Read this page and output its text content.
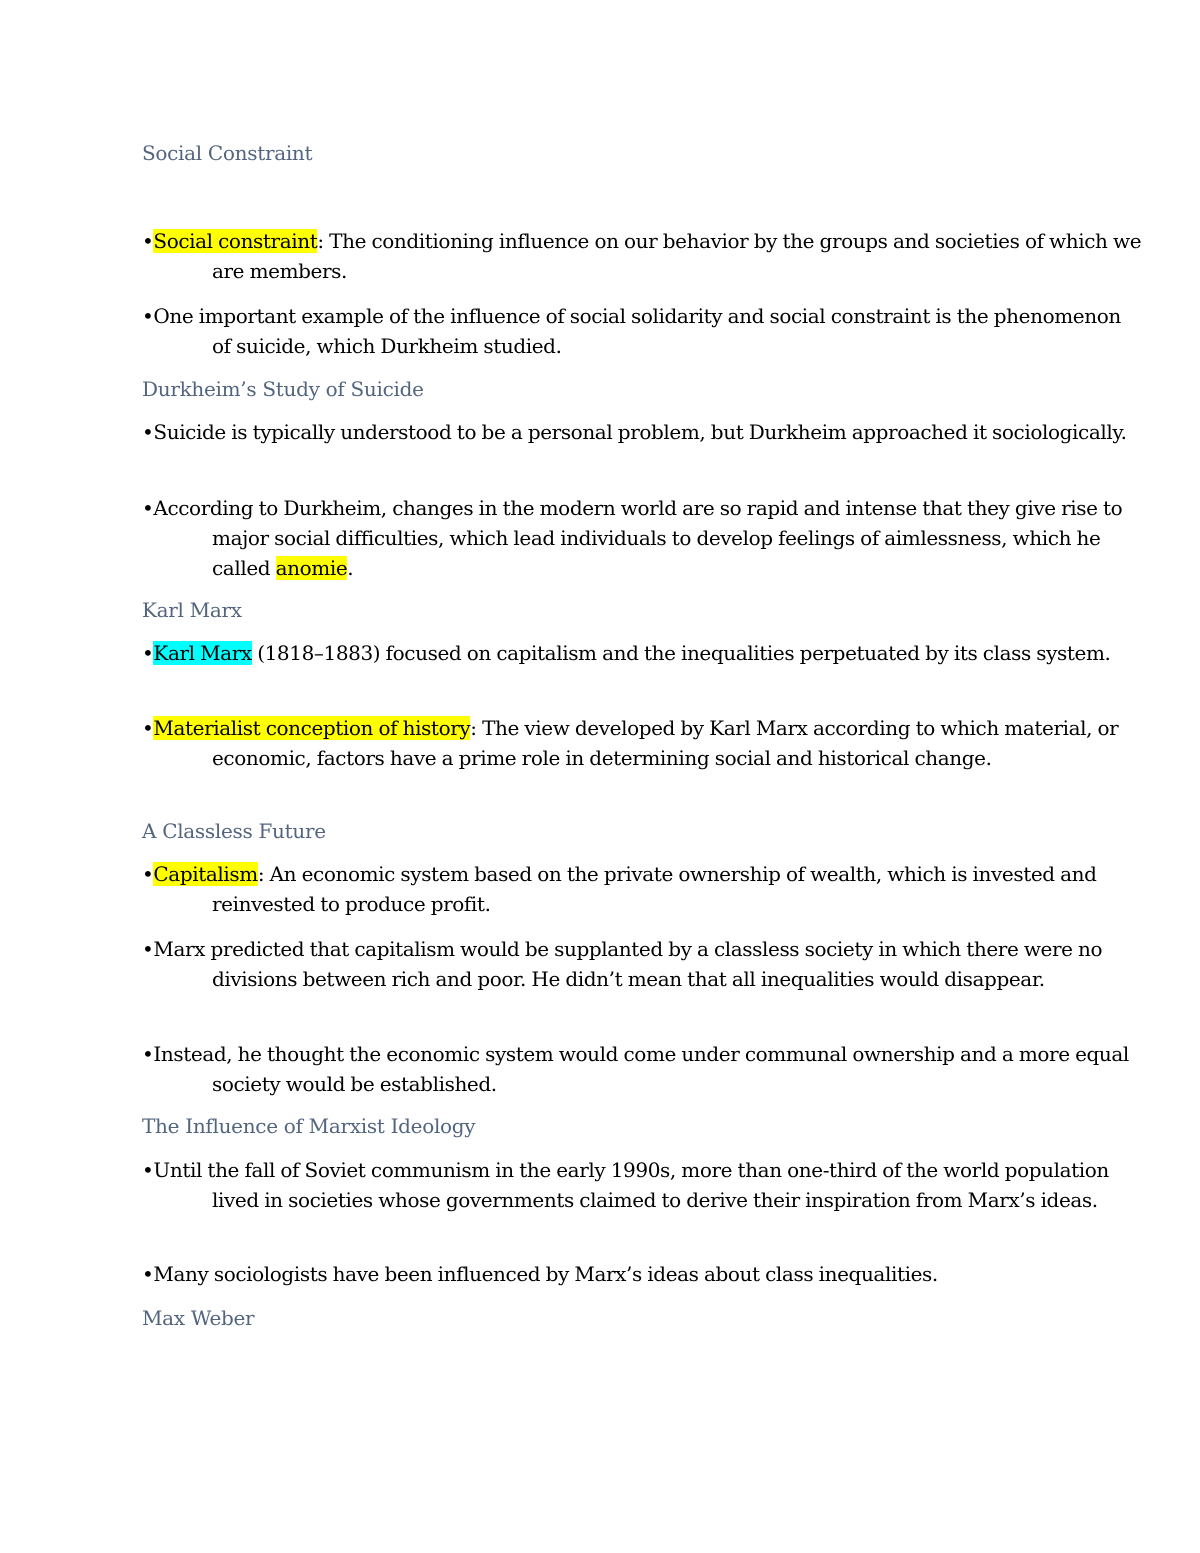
Social Constraint

•Social constraint: The conditioning influence on our behavior by the groups and societies of which we are members.

•One important example of the influence of social solidarity and social constraint is the phenomenon of suicide, which Durkheim studied.

Durkheim’s Study of Suicide

•Suicide is typically understood to be a personal problem, but Durkheim approached it sociologically.

•According to Durkheim, changes in the modern world are so rapid and intense that they give rise to major social difficulties, which lead individuals to develop feelings of aimlessness, which he called anomie.

Karl Marx

•Karl Marx (1818–1883) focused on capitalism and the inequalities perpetuated by its class system.

•Materialist conception of history: The view developed by Karl Marx according to which material, or economic, factors have a prime role in determining social and historical change.

A Classless Future

•Capitalism: An economic system based on the private ownership of wealth, which is invested and reinvested to produce profit.

•Marx predicted that capitalism would be supplanted by a classless society in which there were no divisions between rich and poor. He didn’t mean that all inequalities would disappear.

•Instead, he thought the economic system would come under communal ownership and a more equal society would be established.

The Influence of Marxist Ideology

•Until the fall of Soviet communism in the early 1990s, more than one-third of the world population lived in societies whose governments claimed to derive their inspiration from Marx’s ideas.

•Many sociologists have been influenced by Marx’s ideas about class inequalities.

Max Weber
